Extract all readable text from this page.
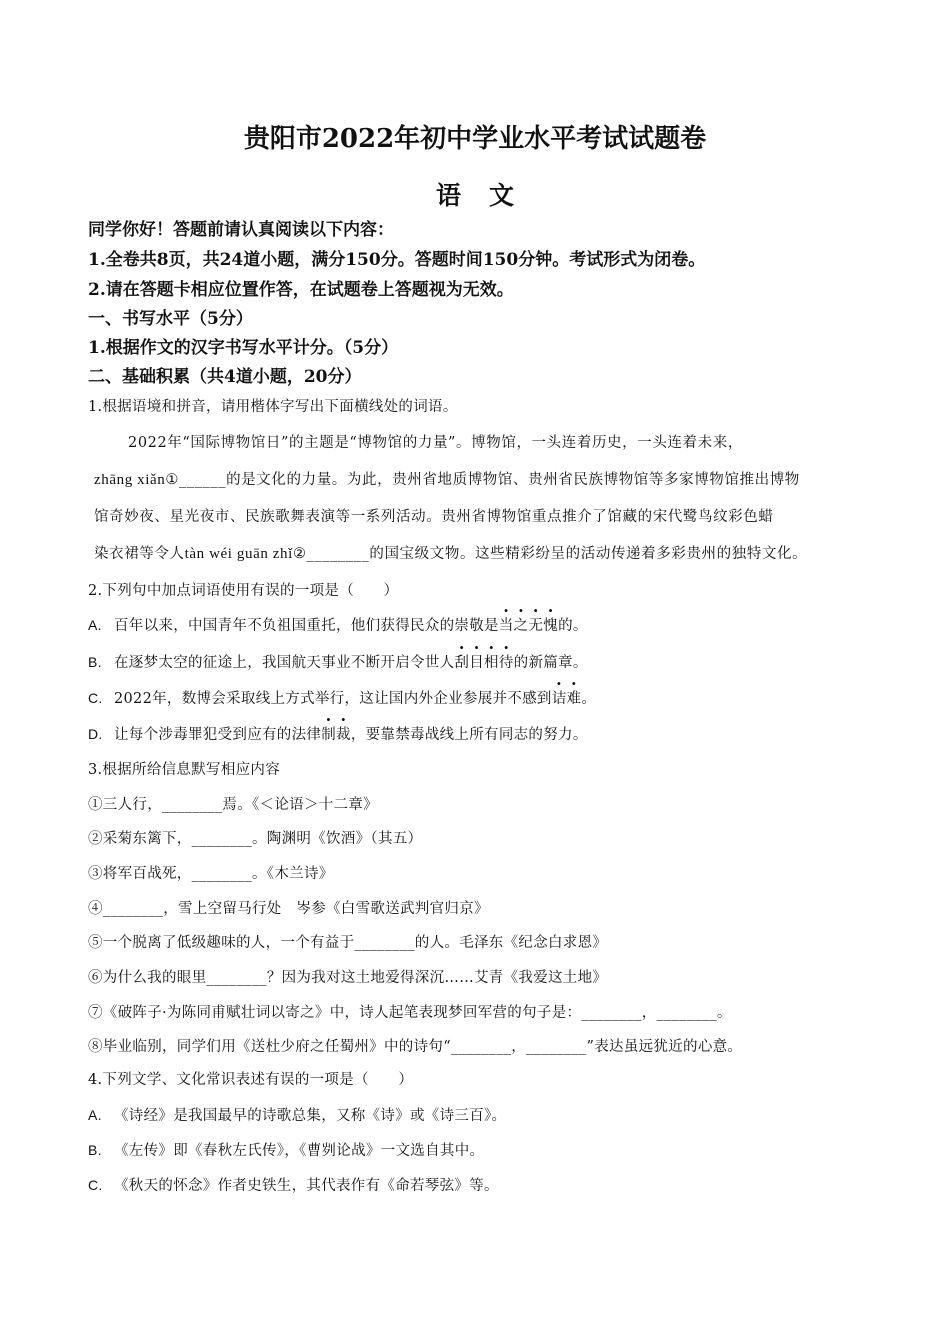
贵阳市2022年初中学业水平考试试题卷
语文
同学你好！答题前请认真阅读以下内容：
1.全卷共8页，共24道小题，满分150分。答题时间150分钟。考试形式为闭卷。
2.请在答题卡相应位置作答，在试题卷上答题视为无效。
一、书写水平（5分）
1.根据作文的汉字书写水平计分。（5分）
二、基础积累（共4道小题，20分）
1.根据语境和拼音，请用楷体字写出下面横线处的词语。
2022年“国际博物馆日”的主题是“博物馆的力量”。博物馆，一头连着历史，一头连着未来，
zhāng xiǎn①______的是文化的力量。为此，贵州省地质博物馆、贵州省民族博物馆等多家博物馆推出博物
馆奇妙夜、星光夜市、民族歌舞表演等一系列活动。贵州省博物馆重点推介了馆藏的宋代鹭鸟纹彩色蜡
染衣裙等令人tàn wéi guān zhǐ②________的国宝级文物。这些精彩纷呈的活动传递着多彩贵州的独特文化。
2.下列句中加点词语使用有误的一项是（　　）
A. 百年以来，中国青年不负祖国重托，他们获得民众的崇敬是当之无愧的。
B. 在逐梦太空的征途上，我国航天事业不断开启令世人刮目相待的新篇章。
C. 2022年，数博会采取线上方式举行，这让国内外企业参展并不感到诘难。
D. 让每个涉毒罪犯受到应有的法律制裁，要靠禁毒战线上所有同志的努力。
3.根据所给信息默写相应内容
①三人行，________焉。《＜论语＞十二章》
②采菊东篱下，________。陶渊明《饮酒》（其五）
③将军百战死，________。《木兰诗》
④________，雪上空留马行处　岑参《白雪歌送武判官归京》
⑤一个脱离了低级趣味的人，一个有益于________的人。毛泽东《纪念白求恩》
⑥为什么我的眼里________？因为我对这土地爱得深沉……艾青《我爱这土地》
⑦《破阵子·为陈同甫赋壮词以寄之》中，诗人起笔表现梦回军营的句子是：________，________。
⑧毕业临别，同学们用《送杜少府之任蜀州》中的诗句“________，________”表达虽远犹近的心意。
4.下列文学、文化常识表述有误的一项是（　　）
A. 《诗经》是我国最早的诗歌总集，又称《诗》或《诗三百》。
B. 《左传》即《春秋左氏传》，《曹刿论战》一文选自其中。
C. 《秋天的怀念》作者史铁生，其代表作有《命若琴弦》等。
